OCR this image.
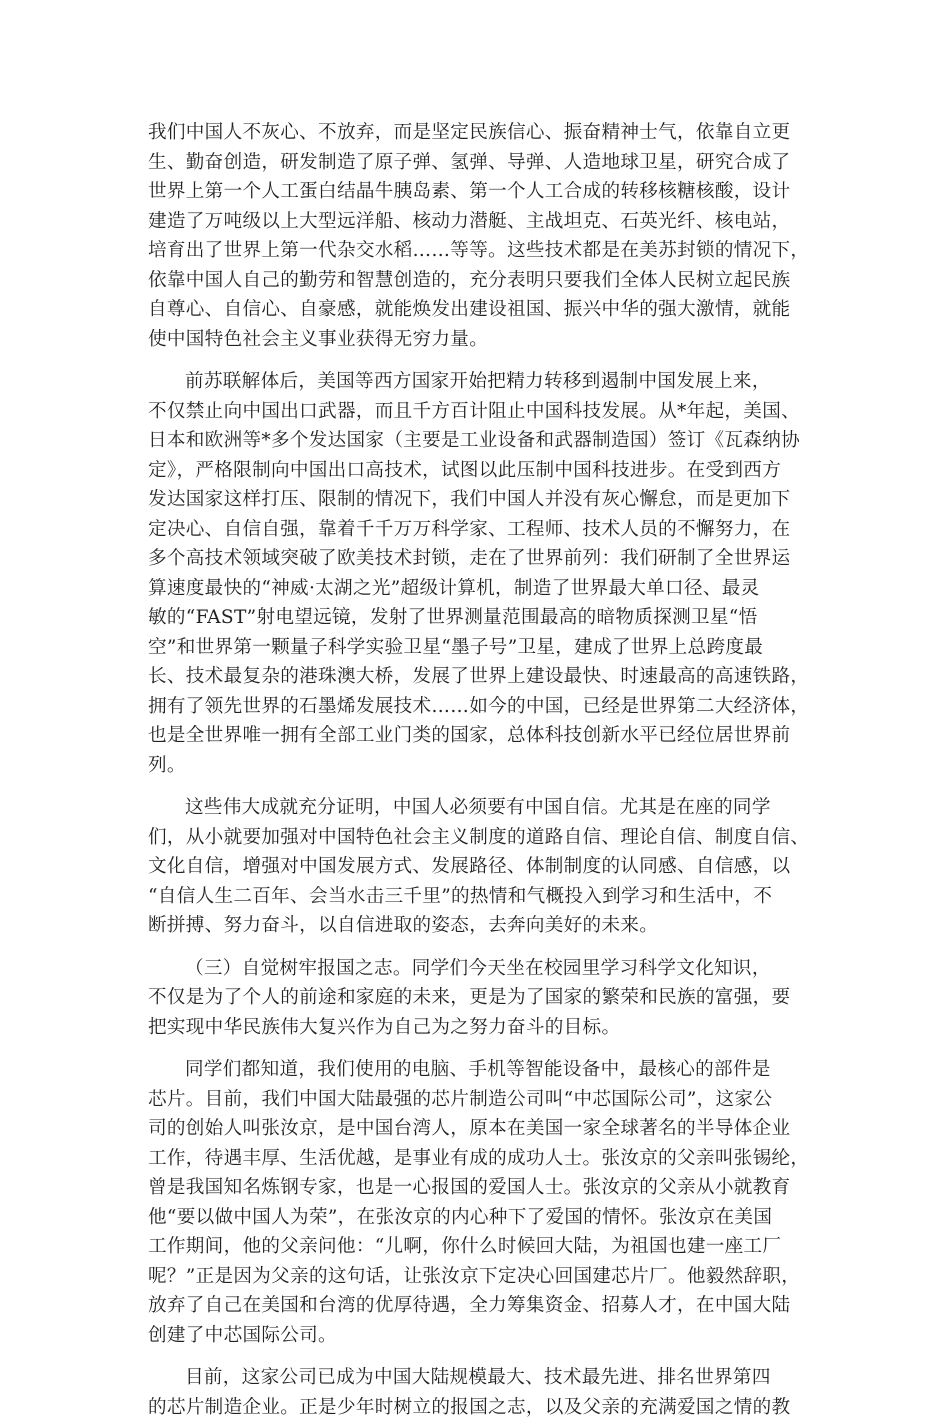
我们中国人不灰心、不放弃，而是坚定民族信心、振奋精神士气，依靠自立更
生、勤奋创造，研发制造了原子弹、氢弹、导弹、人造地球卫星，研究合成了
世界上第一个人工蛋白结晶牛胰岛素、第一个人工合成的转移核糖核酸，设计
建造了万吨级以上大型远洋船、核动力潜艇、主战坦克、石英光纤、核电站，
培育出了世界上第一代杂交水稻……等等。这些技术都是在美苏封锁的情况下，
依靠中国人自己的勤劳和智慧创造的，充分表明只要我们全体人民树立起民族
自尊心、自信心、自豪感，就能焕发出建设祖国、振兴中华的强大激情，就能
使中国特色社会主义事业获得无穷力量。
前苏联解体后，美国等西方国家开始把精力转移到遏制中国发展上来，
不仅禁止向中国出口武器，而且千方百计阻止中国科技发展。从*年起，美国、
日本和欧洲等*多个发达国家（主要是工业设备和武器制造国）签订《瓦森纳协
定》，严格限制向中国出口高技术，试图以此压制中国科技进步。在受到西方
发达国家这样打压、限制的情况下，我们中国人并没有灰心懈怠，而是更加下
定决心、自信自强，靠着千千万万科学家、工程师、技术人员的不懈努力，在
多个高技术领域突破了欧美技术封锁，走在了世界前列：我们研制了全世界运
算速度最快的“神威·太湖之光”超级计算机，制造了世界最大单口径、最灵
敏的“FAST”射电望远镜，发射了世界测量范围最高的暗物质探测卫星“悟
空”和世界第一颗量子科学实验卫星“墨子号”卫星，建成了世界上总跨度最
长、技术最复杂的港珠澳大桥，发展了世界上建设最快、时速最高的高速铁路，
拥有了领先世界的石墨烯发展技术……如今的中国，已经是世界第二大经济体，
也是全世界唯一拥有全部工业门类的国家，总体科技创新水平已经位居世界前
列。
这些伟大成就充分证明，中国人必须要有中国自信。尤其是在座的同学
们，从小就要加强对中国特色社会主义制度的道路自信、理论自信、制度自信、
文化自信，增强对中国发展方式、发展路径、体制制度的认同感、自信感，以
“自信人生二百年、会当水击三千里”的热情和气概投入到学习和生活中，不
断拼搏、努力奋斗，以自信进取的姿态，去奔向美好的未来。
（三）自觉树牢报国之志。同学们今天坐在校园里学习科学文化知识，
不仅是为了个人的前途和家庭的未来，更是为了国家的繁荣和民族的富强，要
把实现中华民族伟大复兴作为自己为之努力奋斗的目标。
同学们都知道，我们使用的电脑、手机等智能设备中，最核心的部件是
芯片。目前，我们中国大陆最强的芯片制造公司叫“中芯国际公司”，这家公
司的创始人叫张汝京，是中国台湾人，原本在美国一家全球著名的半导体企业
工作，待遇丰厚、生活优越，是事业有成的成功人士。张汝京的父亲叫张锡纶，
曾是我国知名炼钢专家，也是一心报国的爱国人士。张汝京的父亲从小就教育
他“要以做中国人为荣”，在张汝京的内心种下了爱国的情怀。张汝京在美国
工作期间，他的父亲问他：“儿啊，你什么时候回大陆，为祖国也建一座工厂
呢？”正是因为父亲的这句话，让张汝京下定决心回国建芯片厂。他毅然辞职，
放弃了自己在美国和台湾的优厚待遇，全力筹集资金、招募人才，在中国大陆
创建了中芯国际公司。
目前，这家公司已成为中国大陆规模最大、技术最先进、排名世界第四
的芯片制造企业。正是少年时树立的报国之志，以及父亲的充满爱国之情的教
